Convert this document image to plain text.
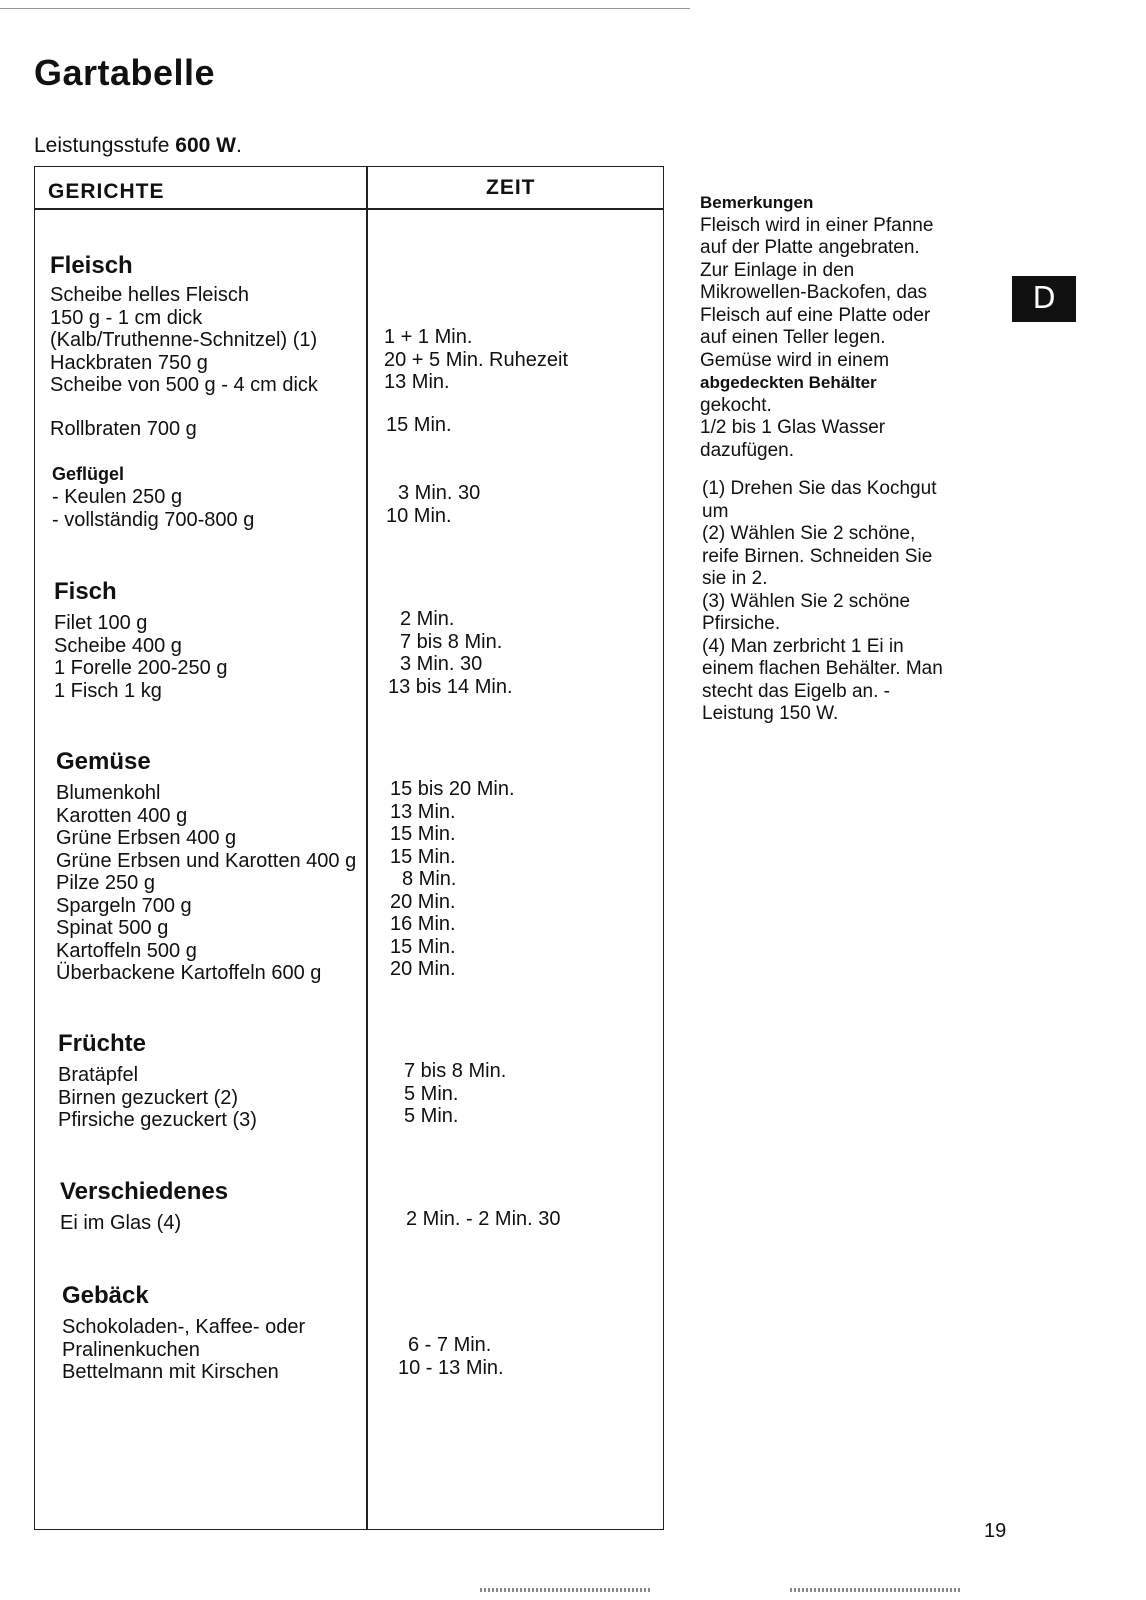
Gartabelle
Leistungsstufe 600 W.
GERICHTE	ZEIT
Fleisch
Scheibe helles Fleisch
150 g - 1 cm dick
(Kalb/Truthenne-Schnitzel) (1)
Hackbraten 750 g
Scheibe von 500 g - 4 cm dick
Rollbraten 700 g
1 + 1 Min.
20 + 5 Min. Ruhezeit
13 Min.
15 Min.
Geflügel
- Keulen 250 g
- vollständig 700-800 g
3 Min. 30
10 Min.
Fisch
Filet 100 g
Scheibe 400 g
1 Forelle 200-250 g
1 Fisch 1 kg
2 Min.
7 bis 8 Min.
3 Min. 30
13 bis 14 Min.
Gemüse
Blumenkohl
Karotten 400 g
Grüne Erbsen 400 g
Grüne Erbsen und Karotten 400 g
Pilze 250 g
Spargeln 700 g
Spinat 500 g
Kartoffeln 500 g
Überbackene Kartoffeln 600 g
15 bis 20 Min.
13 Min.
15 Min.
15 Min.
8 Min.
20 Min.
16 Min.
15 Min.
20 Min.
Früchte
Bratäpfel
Birnen gezuckert (2)
Pfirsiche gezuckert (3)
7 bis 8 Min.
5 Min.
5 Min.
Verschiedenes
Ei im Glas (4)	2 Min. - 2 Min. 30
Gebäck
Schokoladen-, Kaffee- oder
Pralinenkuchen
Bettelmann mit Kirschen
6 - 7 Min.
10 - 13 Min.
Bemerkungen
Fleisch wird in einer Pfanne
auf der Platte angebraten.
Zur Einlage in den
Mikrowellen-Backofen, das
Fleisch auf eine Platte oder
auf einen Teller legen.
Gemüse wird in einem
abgedeckten Behälter
gekocht.
1/2 bis 1 Glas Wasser
dazufügen.
(1) Drehen Sie das Kochgut
um
(2) Wählen Sie 2 schöne,
reife Birnen. Schneiden Sie
sie in 2.
(3) Wählen Sie 2 schöne
Pfirsiche.
(4) Man zerbricht 1 Ei in
einem flachen Behälter. Man
stecht das Eigelb an. -
Leistung 150 W.
D
19
